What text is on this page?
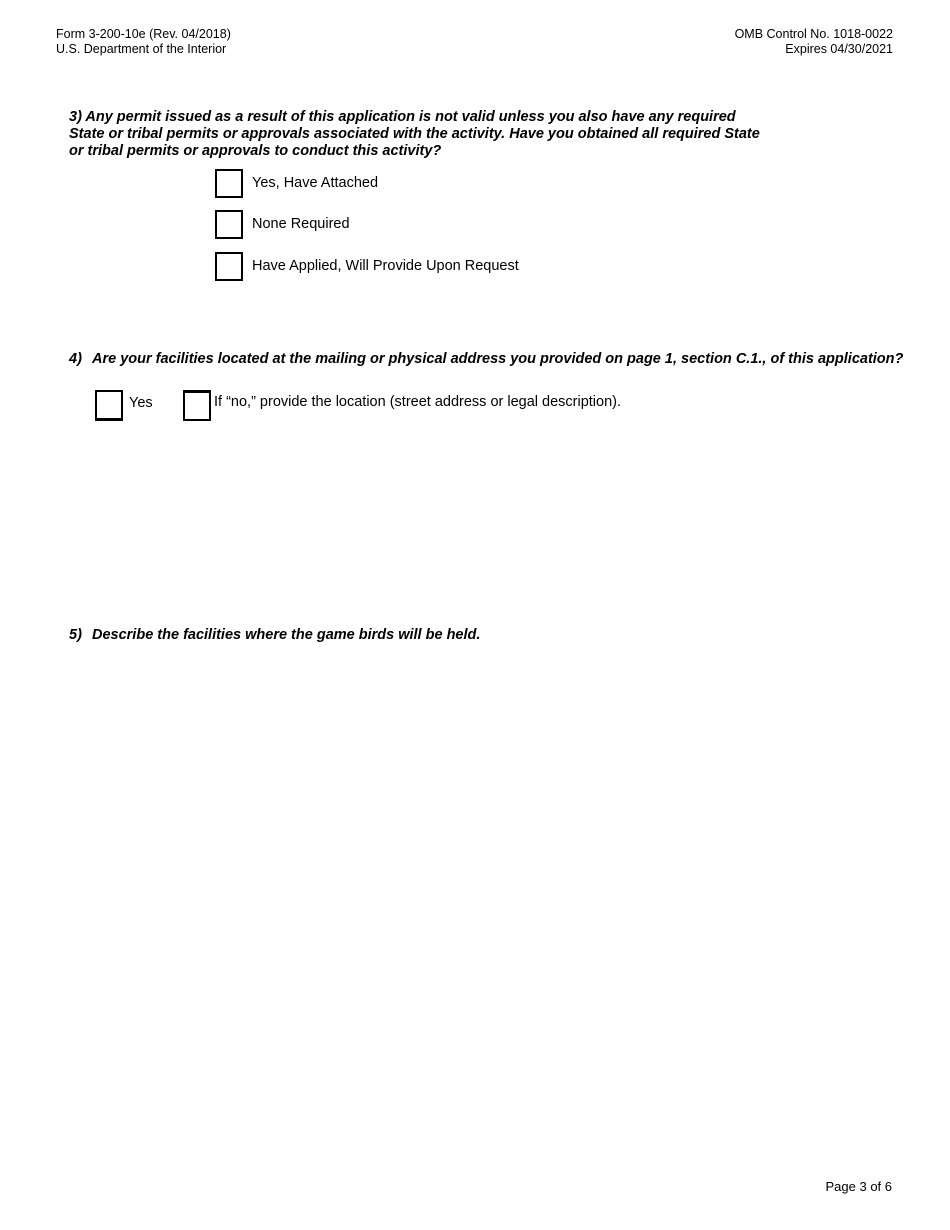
Form 3-200-10e (Rev. 04/2018)
U.S. Department of the Interior
OMB Control No. 1018-0022
Expires 04/30/2021
3) Any permit issued as a result of this application is not valid unless you also have any required State or tribal permits or approvals associated with the activity. Have you obtained all required State or tribal permits or approvals to conduct this activity?
Yes, Have Attached
None Required
Have Applied, Will Provide Upon Request
4) Are your facilities located at the mailing or physical address you provided on page 1, section C.1., of this application?
Yes	If “no,” provide the location (street address or legal description).
5) Describe the facilities where the game birds will be held.
Page 3 of 6
